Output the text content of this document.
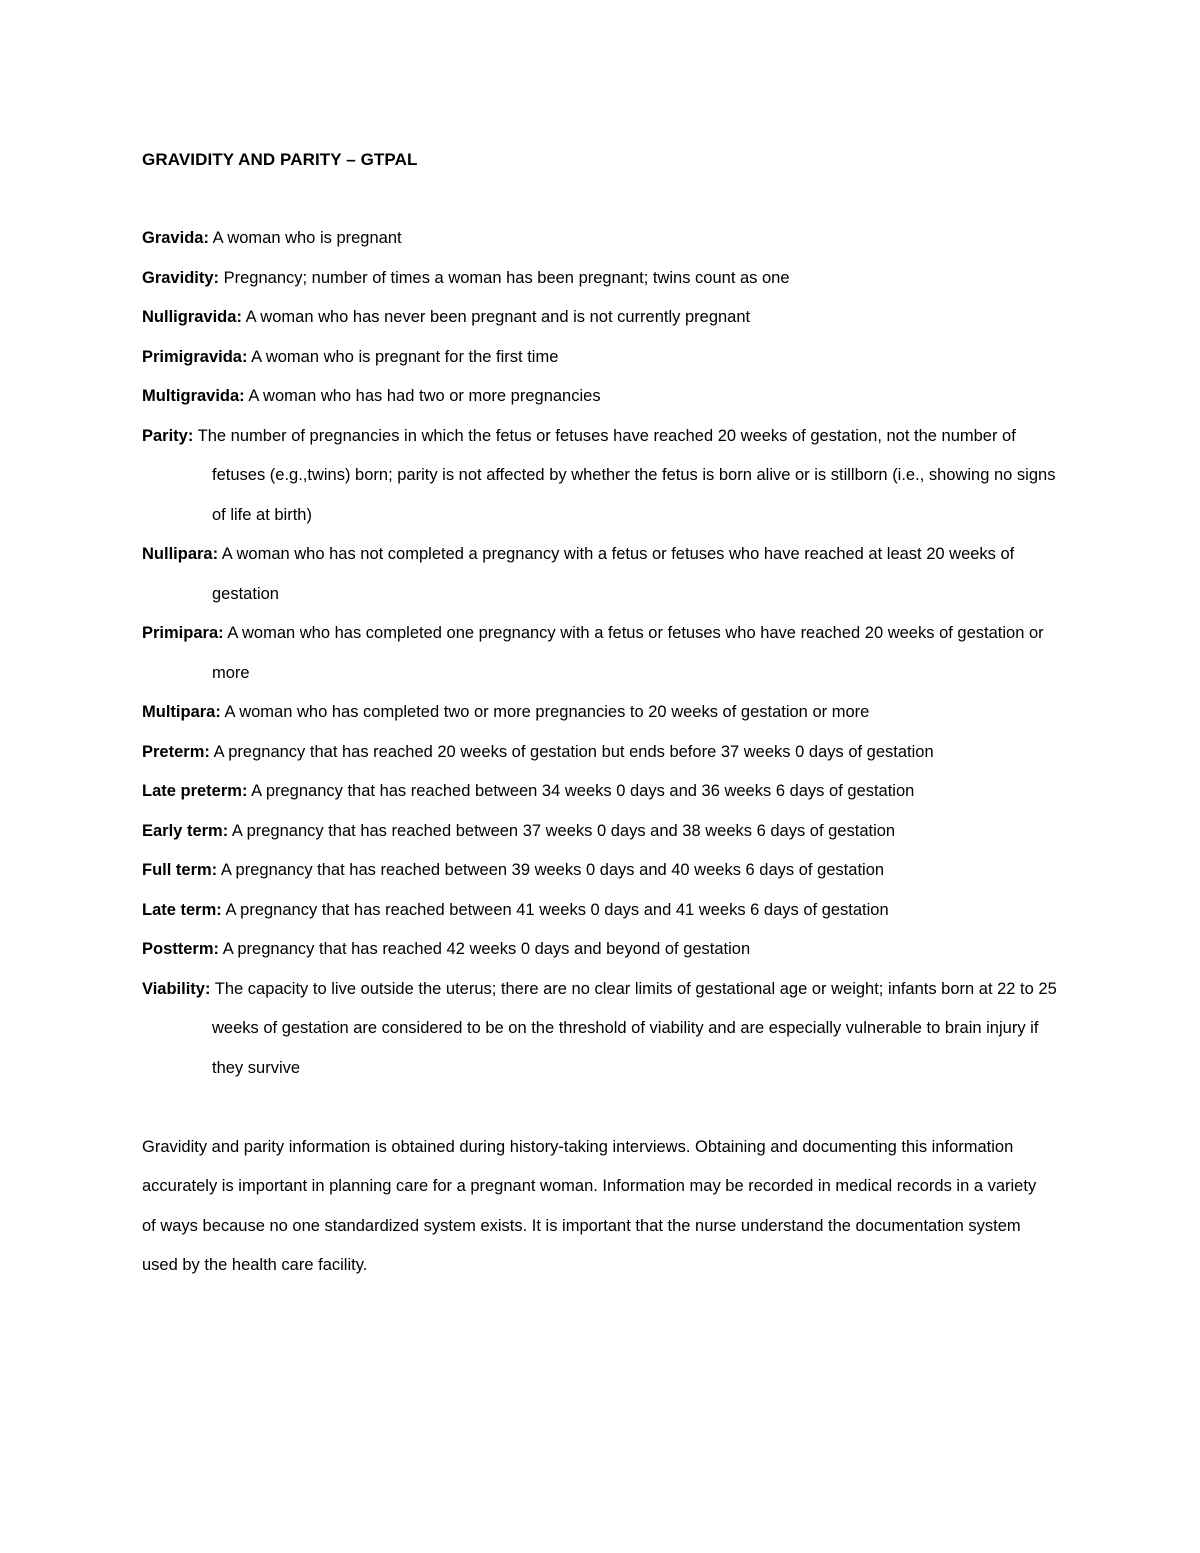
GRAVIDITY AND PARITY – GTPAL

Gravida: A woman who is pregnant

Gravidity: Pregnancy; number of times a woman has been pregnant; twins count as one

Nulligravida: A woman who has never been pregnant and is not currently pregnant

Primigravida: A woman who is pregnant for the first time

Multigravida: A woman who has had two or more pregnancies

Parity: The number of pregnancies in which the fetus or fetuses have reached 20 weeks of gestation, not the number of fetuses (e.g.,twins) born; parity is not affected by whether the fetus is born alive or is stillborn (i.e., showing no signs of life at birth)

Nullipara: A woman who has not completed a pregnancy with a fetus or fetuses who have reached at least 20 weeks of gestation

Primipara: A woman who has completed one pregnancy with a fetus or fetuses who have reached 20 weeks of gestation or more

Multipara: A woman who has completed two or more pregnancies to 20 weeks of gestation or more

Preterm: A pregnancy that has reached 20 weeks of gestation but ends before 37 weeks 0 days of gestation

Late preterm: A pregnancy that has reached between 34 weeks 0 days and 36 weeks 6 days of gestation

Early term: A pregnancy that has reached between 37 weeks 0 days and 38 weeks 6 days of gestation

Full term: A pregnancy that has reached between 39 weeks 0 days and 40 weeks 6 days of gestation

Late term: A pregnancy that has reached between 41 weeks 0 days and 41 weeks 6 days of gestation

Postterm: A pregnancy that has reached 42 weeks 0 days and beyond of gestation

Viability: The capacity to live outside the uterus; there are no clear limits of gestational age or weight; infants born at 22 to 25 weeks of gestation are considered to be on the threshold of viability and are especially vulnerable to brain injury if they survive

Gravidity and parity information is obtained during history-taking interviews. Obtaining and documenting this information accurately is important in planning care for a pregnant woman. Information may be recorded in medical records in a variety of ways because no one standardized system exists. It is important that the nurse understand the documentation system used by the health care facility.
